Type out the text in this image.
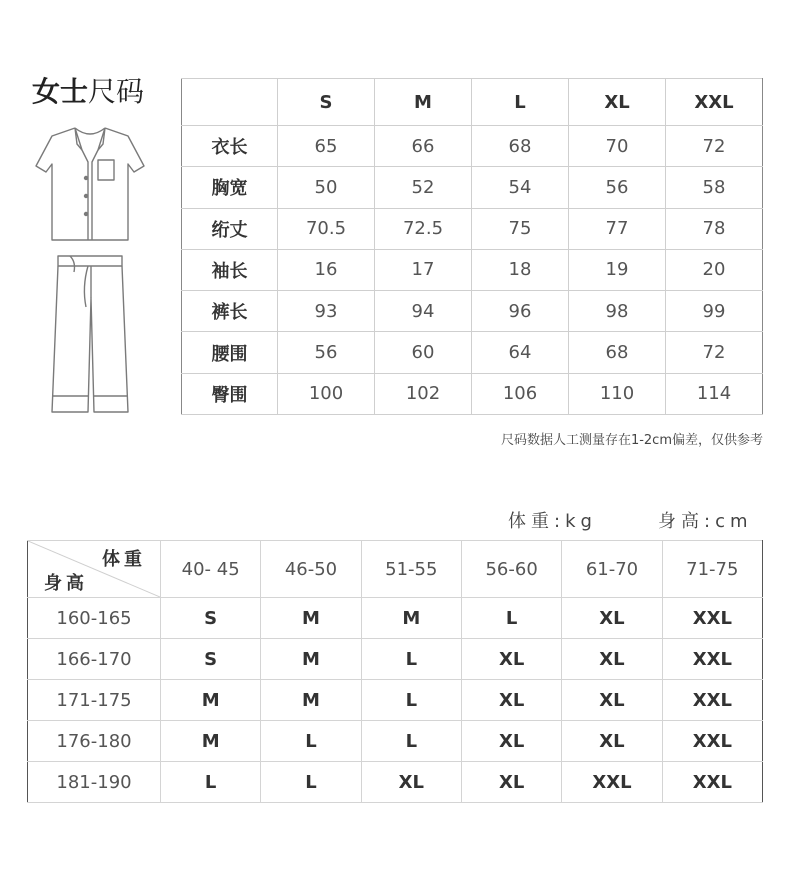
女士尺码
		S	M	L	XL	XXL
衣长	65	66	68	70	72
胸宽	50	52	54	56	58
绗丈	70.5	72.5	75	77	78
袖长	16	17	18	19	20
裤长	93	94	96	98	99
腰围	56	60	64	68	72
臀围	100	102	106	110	114
尺码数据人工测量存在1-2cm偏差，仅供参考
体重:kg	身高:cm
体重
身高	40- 45	46-50	51-55	56-60	61-70	71-75
160-165	S	M	M	L	XL	XXL
166-170	S	M	L	XL	XL	XXL
171-175	M	M	L	XL	XL	XXL
176-180	M	L	L	XL	XL	XXL
181-190	L	L	XL	XL	XXL	XXL
